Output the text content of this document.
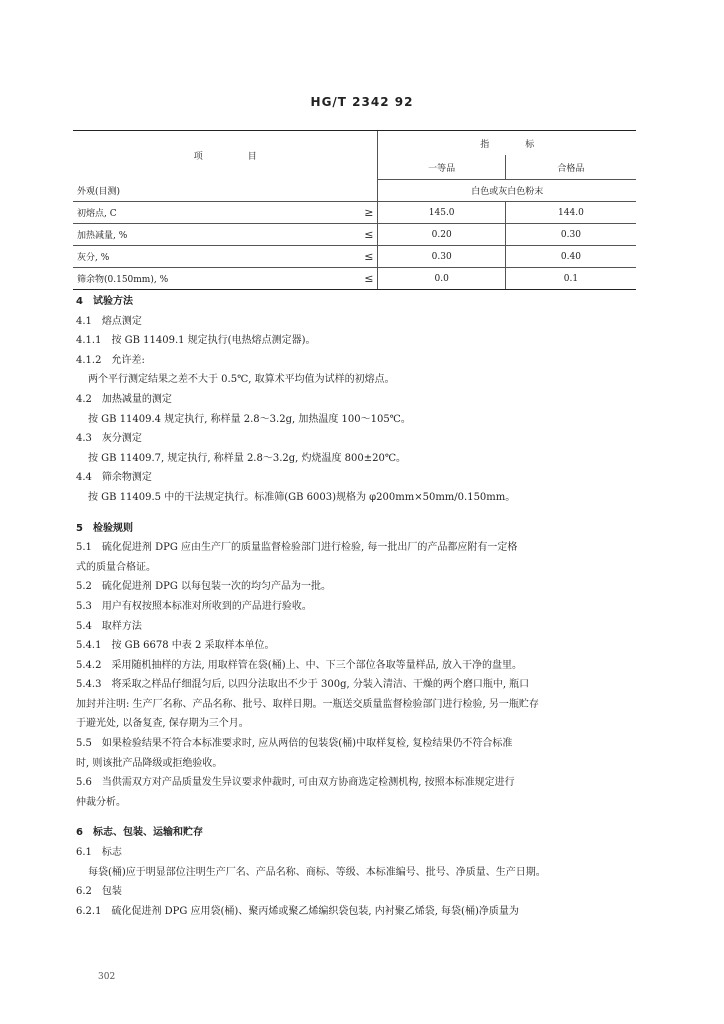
HG/T 2342 92
项　　　　　目		指　　　　标	
		一等品	合格品
外观(目测)		白色或灰白色粉末	
初熔点, C	≥	145.0	144.0
加热减量, %	≤	0.20	0.30
灰分, %	≤	0.30	0.40
筛余物(0.150mm), %	≤	0.0	0.1
4　试验方法
4.1　熔点测定
4.1.1　按 GB 11409.1 规定执行(电热熔点测定器)。
4.1.2　允许差:
两个平行测定结果之差不大于 0.5℃, 取算术平均值为试样的初熔点。
4.2　加热减量的测定
按 GB 11409.4 规定执行, 称样量 2.8～3.2g, 加热温度 100～105℃。
4.3　灰分测定
按 GB 11409.7, 规定执行, 称样量 2.8～3.2g, 灼烧温度 800±20℃。
4.4　筛余物测定
按 GB 11409.5 中的干法规定执行。标准筛(GB 6003)规格为 φ200mm×50mm/0.150mm。
5　检验规则
5.1　硫化促进剂 DPG 应由生产厂的质量监督检验部门进行检验, 每一批出厂的产品都应附有一定格
式的质量合格证。
5.2　硫化促进剂 DPG 以每包装一次的均匀产品为一批。
5.3　用户有权按照本标准对所收到的产品进行验收。
5.4　取样方法
5.4.1　按 GB 6678 中表 2 采取样本单位。
5.4.2　采用随机抽样的方法, 用取样管在袋(桶)上、中、下三个部位各取等量样品, 放入干净的盘里。
5.4.3　将采取之样品仔细混匀后, 以四分法取出不少于 300g, 分装入清洁、干燥的两个磨口瓶中, 瓶口
加封并注明: 生产厂名称、产品名称、批号、取样日期。一瓶送交质量监督检验部门进行检验, 另一瓶贮存
于避光处, 以备复查, 保存期为三个月。
5.5　如果检验结果不符合本标准要求时, 应从两倍的包装袋(桶)中取样复检, 复检结果仍不符合标准
时, 则该批产品降级或拒绝验收。
5.6　当供需双方对产品质量发生异议要求仲裁时, 可由双方协商选定检测机构, 按照本标准规定进行
仲裁分析。
6　标志、包装、运输和贮存
6.1　标志
每袋(桶)应于明显部位注明生产厂名、产品名称、商标、等级、本标准编号、批号、净质量、生产日期。
6.2　包装
6.2.1　硫化促进剂 DPG 应用袋(桶)、聚丙烯或聚乙烯编织袋包装, 内衬聚乙烯袋, 每袋(桶)净质量为
302
